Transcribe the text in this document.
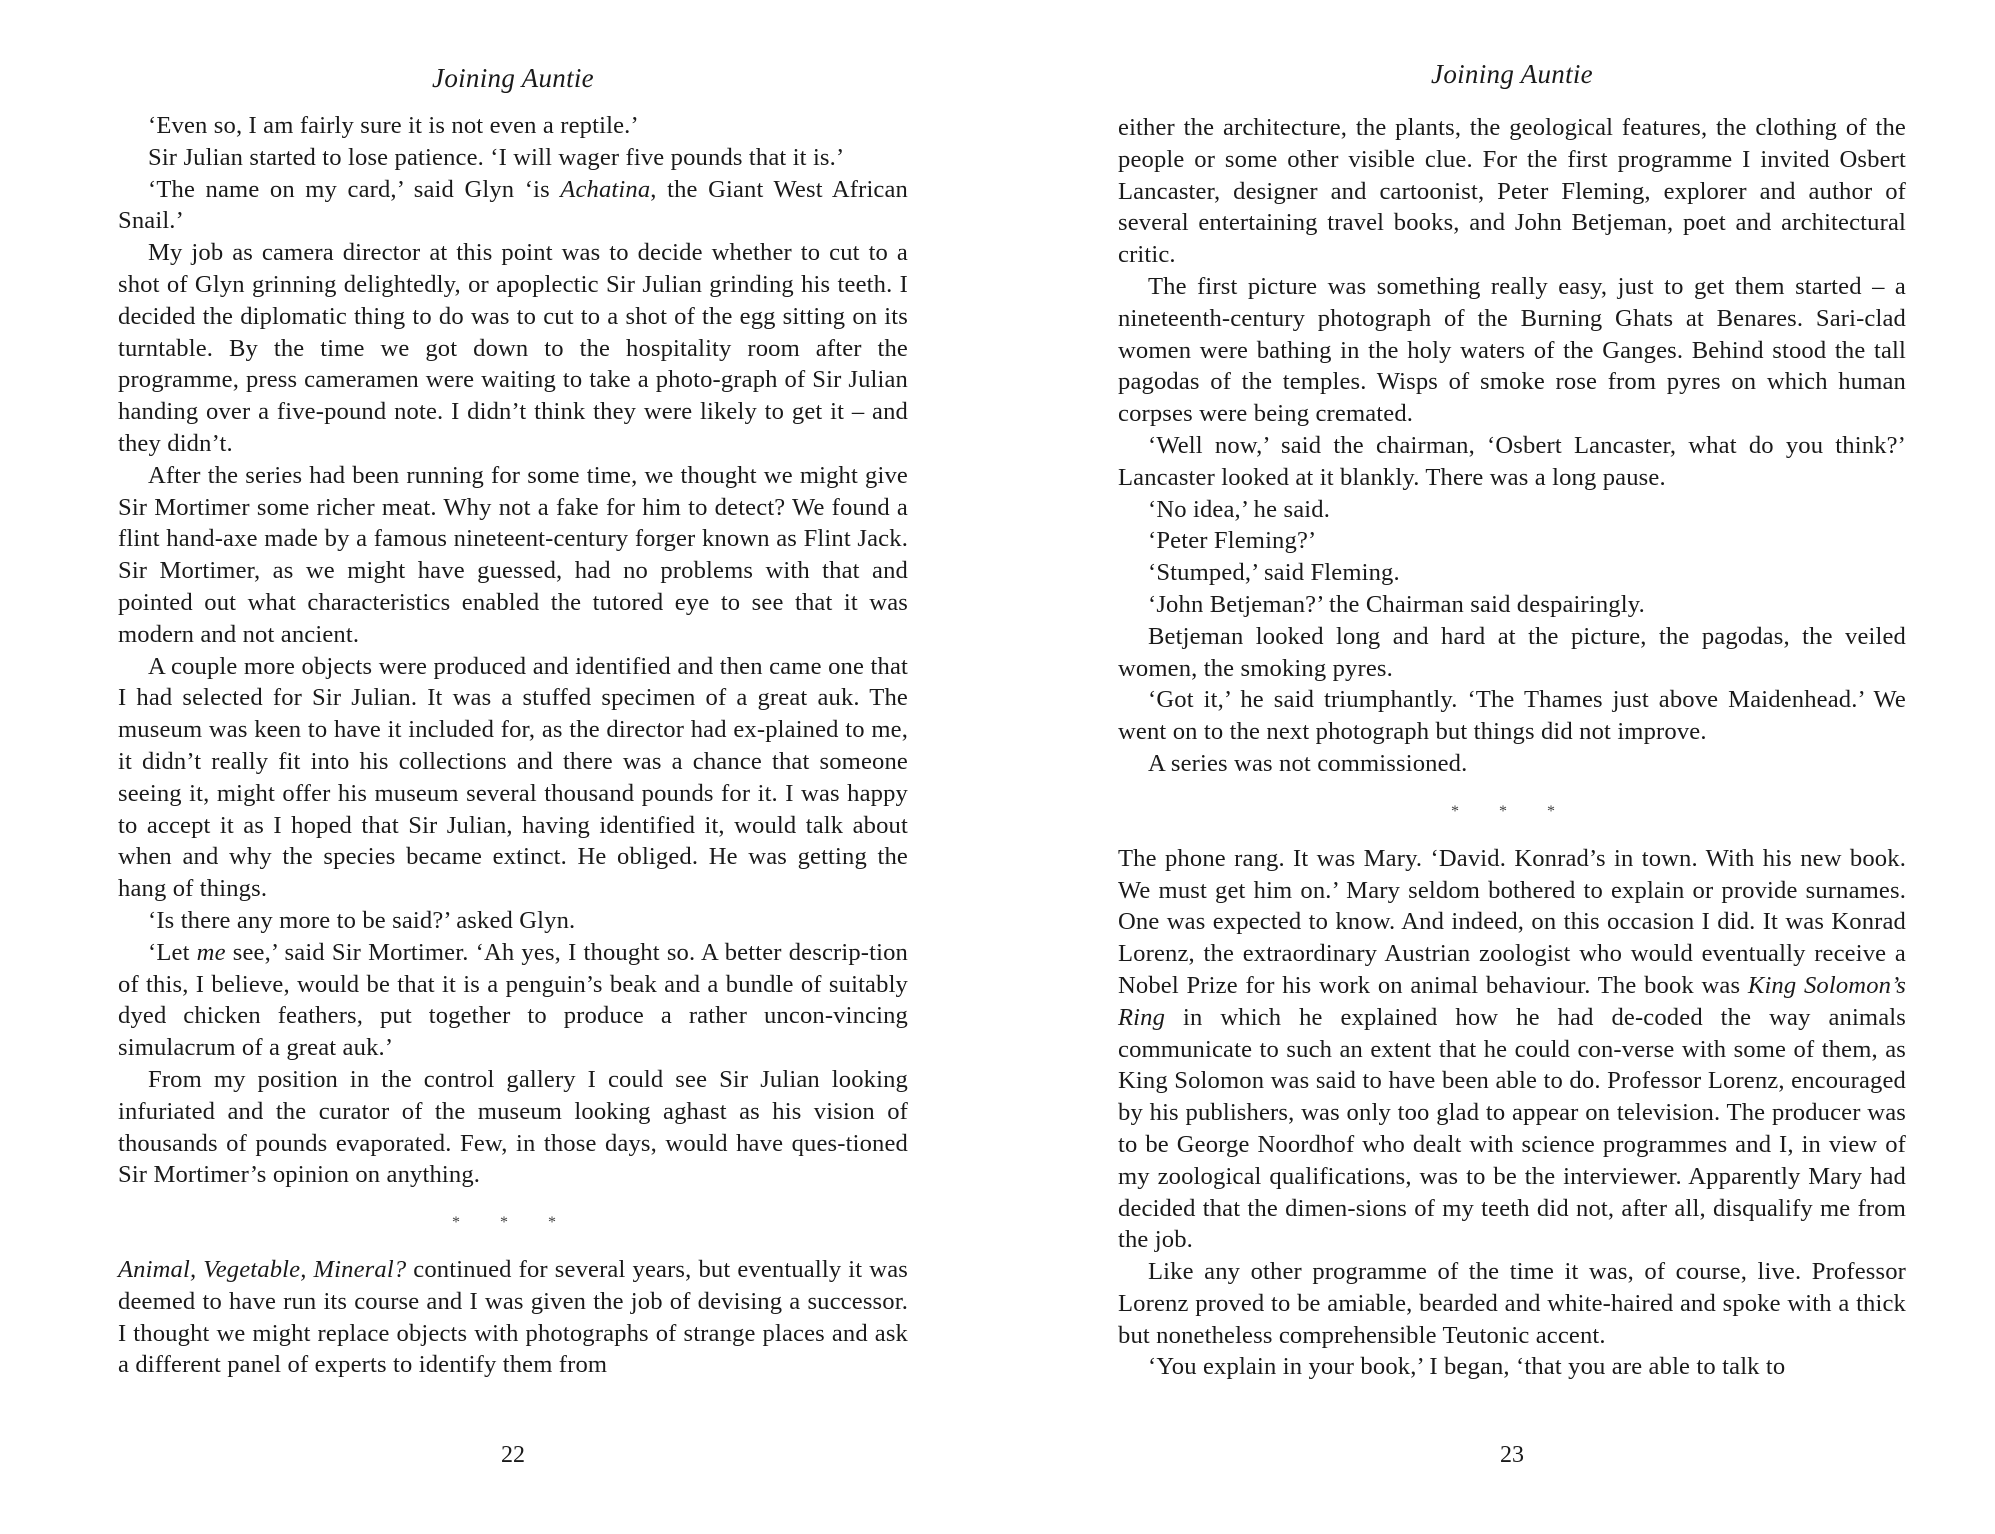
Joining Auntie

‘Even so, I am fairly sure it is not even a reptile.’

Sir Julian started to lose patience. ‘I will wager five pounds that it is.’

‘The name on my card,’ said Glyn ‘is Achatina, the Giant West African Snail.’

My job as camera director at this point was to decide whether to cut to a shot of Glyn grinning delightedly, or apoplectic Sir Julian grinding his teeth. I decided the diplomatic thing to do was to cut to a shot of the egg sitting on its turntable. By the time we got down to the hospitality room after the programme, press cameramen were waiting to take a photo-graph of Sir Julian handing over a five-pound note. I didn’t think they were likely to get it – and they didn’t.

After the series had been running for some time, we thought we might give Sir Mortimer some richer meat. Why not a fake for him to detect? We found a flint hand-axe made by a famous nineteent-century forger known as Flint Jack. Sir Mortimer, as we might have guessed, had no problems with that and pointed out what characteristics enabled the tutored eye to see that it was modern and not ancient.

A couple more objects were produced and identified and then came one that I had selected for Sir Julian. It was a stuffed specimen of a great auk. The museum was keen to have it included for, as the director had ex-plained to me, it didn’t really fit into his collections and there was a chance that someone seeing it, might offer his museum several thousand pounds for it. I was happy to accept it as I hoped that Sir Julian, having identified it, would talk about when and why the species became extinct. He obliged. He was getting the hang of things.

‘Is there any more to be said?’ asked Glyn.

‘Let me see,’ said Sir Mortimer. ‘Ah yes, I thought so. A better descrip-tion of this, I believe, would be that it is a penguin’s beak and a bundle of suitably dyed chicken feathers, put together to produce a rather uncon-vincing simulacrum of a great auk.’

From my position in the control gallery I could see Sir Julian looking infuriated and the curator of the museum looking aghast as his vision of thousands of pounds evaporated. Few, in those days, would have ques-tioned Sir Mortimer’s opinion on anything.

* * *

Animal, Vegetable, Mineral? continued for several years, but eventually it was deemed to have run its course and I was given the job of devising a successor. I thought we might replace objects with photographs of strange places and ask a different panel of experts to identify them from

22
Joining Auntie

either the architecture, the plants, the geological features, the clothing of the people or some other visible clue. For the first programme I invited Osbert Lancaster, designer and cartoonist, Peter Fleming, explorer and author of several entertaining travel books, and John Betjeman, poet and architectural critic.

The first picture was something really easy, just to get them started – a nineteenth-century photograph of the Burning Ghats at Benares. Sari-clad women were bathing in the holy waters of the Ganges. Behind stood the tall pagodas of the temples. Wisps of smoke rose from pyres on which human corpses were being cremated.

‘Well now,’ said the chairman, ‘Osbert Lancaster, what do you think?’ Lancaster looked at it blankly. There was a long pause.

‘No idea,’ he said.

‘Peter Fleming?’

‘Stumped,’ said Fleming.

‘John Betjeman?’ the Chairman said despairingly.

Betjeman looked long and hard at the picture, the pagodas, the veiled women, the smoking pyres.

‘Got it,’ he said triumphantly. ‘The Thames just above Maidenhead.’ We went on to the next photograph but things did not improve.

A series was not commissioned.

* * *

The phone rang. It was Mary. ‘David. Konrad’s in town. With his new book. We must get him on.’ Mary seldom bothered to explain or provide surnames. One was expected to know. And indeed, on this occasion I did. It was Konrad Lorenz, the extraordinary Austrian zoologist who would eventually receive a Nobel Prize for his work on animal behaviour. The book was King Solomon’s Ring in which he explained how he had de-coded the way animals communicate to such an extent that he could con-verse with some of them, as King Solomon was said to have been able to do. Professor Lorenz, encouraged by his publishers, was only too glad to appear on television. The producer was to be George Noordhof who dealt with science programmes and I, in view of my zoological qualifications, was to be the interviewer. Apparently Mary had decided that the dimen-sions of my teeth did not, after all, disqualify me from the job.

Like any other programme of the time it was, of course, live. Professor Lorenz proved to be amiable, bearded and white-haired and spoke with a thick but nonetheless comprehensible Teutonic accent.

‘You explain in your book,’ I began, ‘that you are able to talk to

23
